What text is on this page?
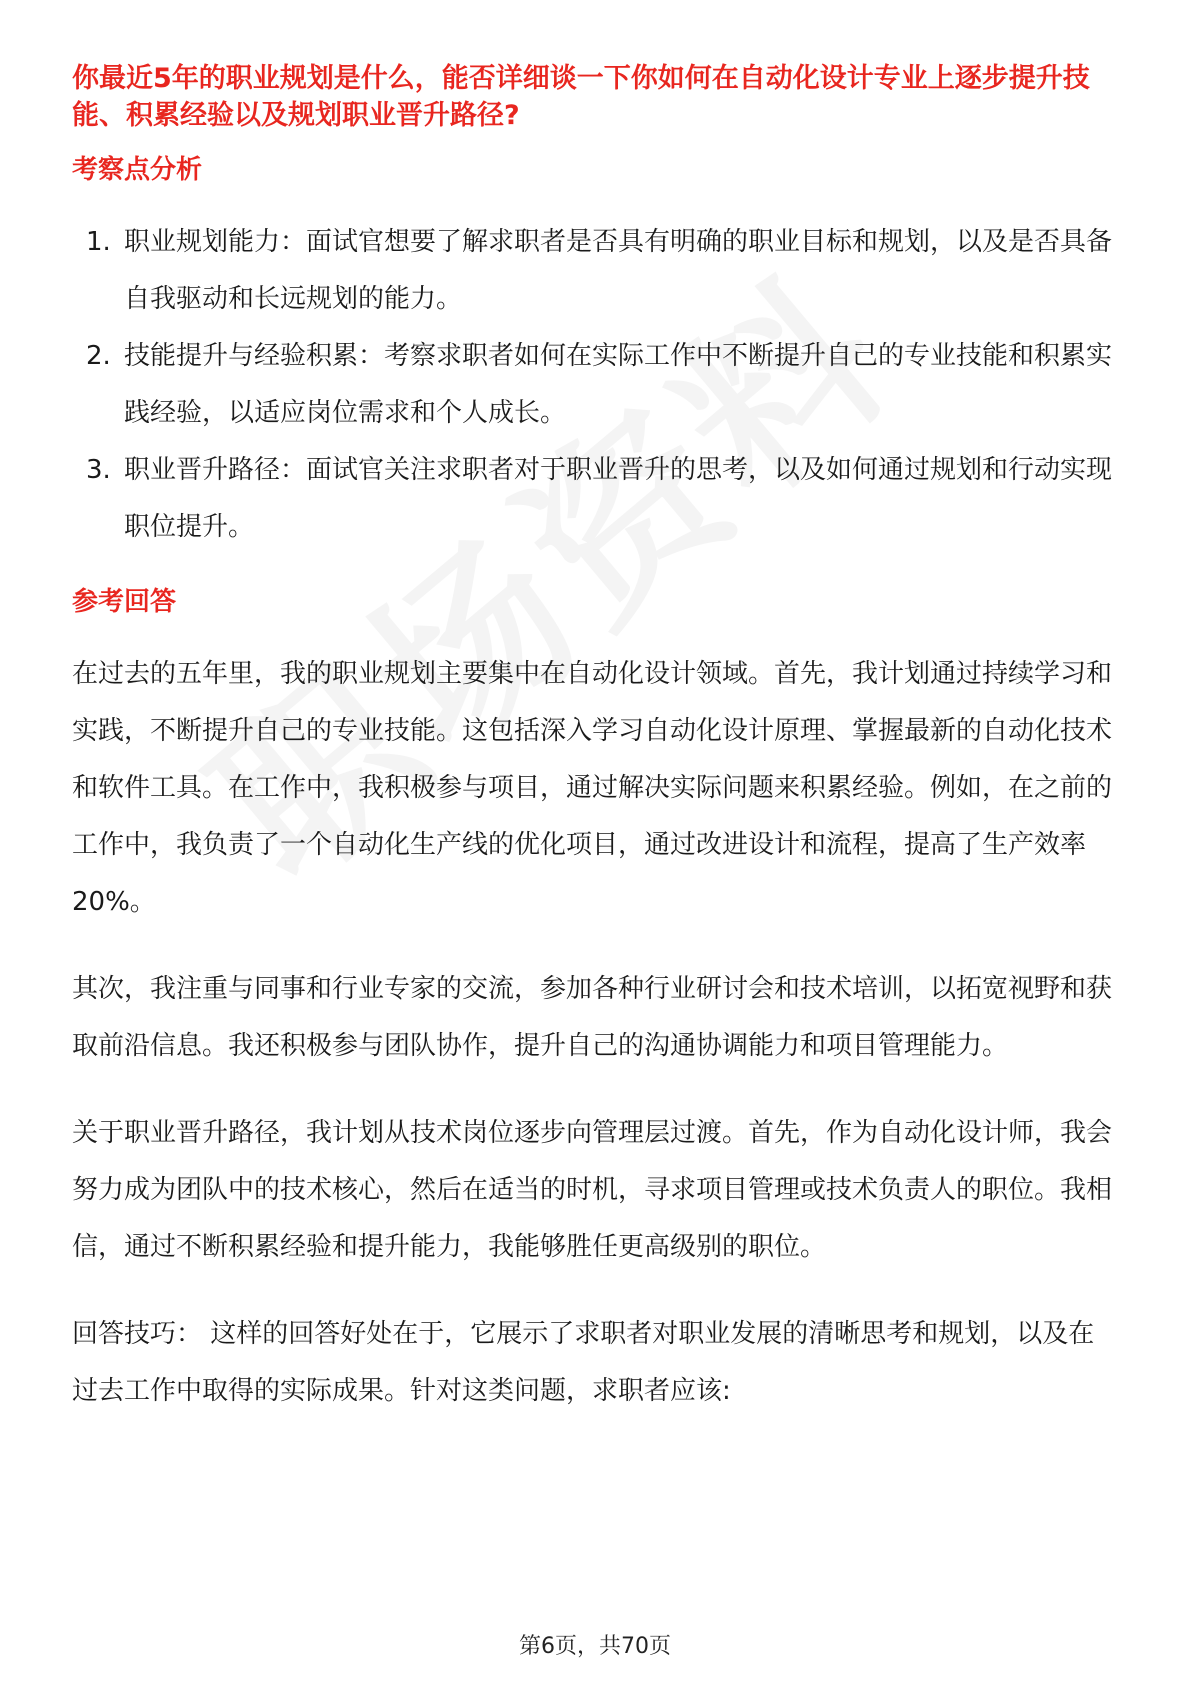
你最近5年的职业规划是什么，能否详细谈一下你如何在自动化设计专业上逐步提升技能、积累经验以及规划职业晋升路径?

考察点分析

1. 职业规划能力：面试官想要了解求职者是否具有明确的职业目标和规划，以及是否具备自我驱动和长远规划的能力。
2. 技能提升与经验积累：考察求职者如何在实际工作中不断提升自己的专业技能和积累实践经验，以适应岗位需求和个人成长。
3. 职业晋升路径：面试官关注求职者对于职业晋升的思考，以及如何通过规划和行动实现职位提升。

参考回答

在过去的五年里，我的职业规划主要集中在自动化设计领域。首先，我计划通过持续学习和实践，不断提升自己的专业技能。这包括深入学习自动化设计原理、掌握最新的自动化技术和软件工具。在工作中，我积极参与项目，通过解决实际问题来积累经验。例如，在之前的工作中，我负责了一个自动化生产线的优化项目，通过改进设计和流程，提高了生产效率20%。

其次，我注重与同事和行业专家的交流，参加各种行业研讨会和技术培训，以拓宽视野和获取前沿信息。我还积极参与团队协作，提升自己的沟通协调能力和项目管理能力。

关于职业晋升路径，我计划从技术岗位逐步向管理层过渡。首先，作为自动化设计师，我会努力成为团队中的技术核心，然后在适当的时机，寻求项目管理或技术负责人的职位。我相信，通过不断积累经验和提升能力，我能够胜任更高级别的职位。

回答技巧： 这样的回答好处在于，它展示了求职者对职业发展的清晰思考和规划，以及在过去工作中取得的实际成果。针对这类问题，求职者应该:

第6页，共70页
